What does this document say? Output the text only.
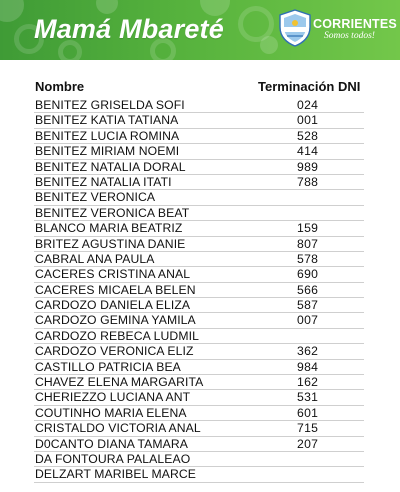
Mamá Mbareté	CORRIENTES
Somos todos!
Nombre	Terminación DNI
BENITEZ GRISELDA SOFI	024
BENITEZ KATIA TATIANA	001
BENITEZ LUCIA ROMINA	528
BENITEZ MIRIAM NOEMI	414
BENITEZ NATALIA DORAL	989
BENITEZ NATALIA ITATI	788
BENITEZ VERONICA
BENITEZ VERONICA BEAT
BLANCO MARIA BEATRIZ	159
BRITEZ AGUSTINA DANIE	807
CABRAL ANA PAULA	578
CACERES CRISTINA ANAL	690
CACERES MICAELA BELEN	566
CARDOZO DANIELA ELIZA	587
CARDOZO GEMINA YAMILA	007
CARDOZO REBECA LUDMIL
CARDOZO VERONICA ELIZ	362
CASTILLO PATRICIA BEA	984
CHAVEZ ELENA MARGARITA	162
CHERIEZZO LUCIANA ANT	531
COUTINHO MARIA ELENA	601
CRISTALDO VICTORIA ANAL	715
D0CANTO DIANA TAMARA	207
DA FONTOURA PALALEAO
DELZART MARIBEL MARCE
